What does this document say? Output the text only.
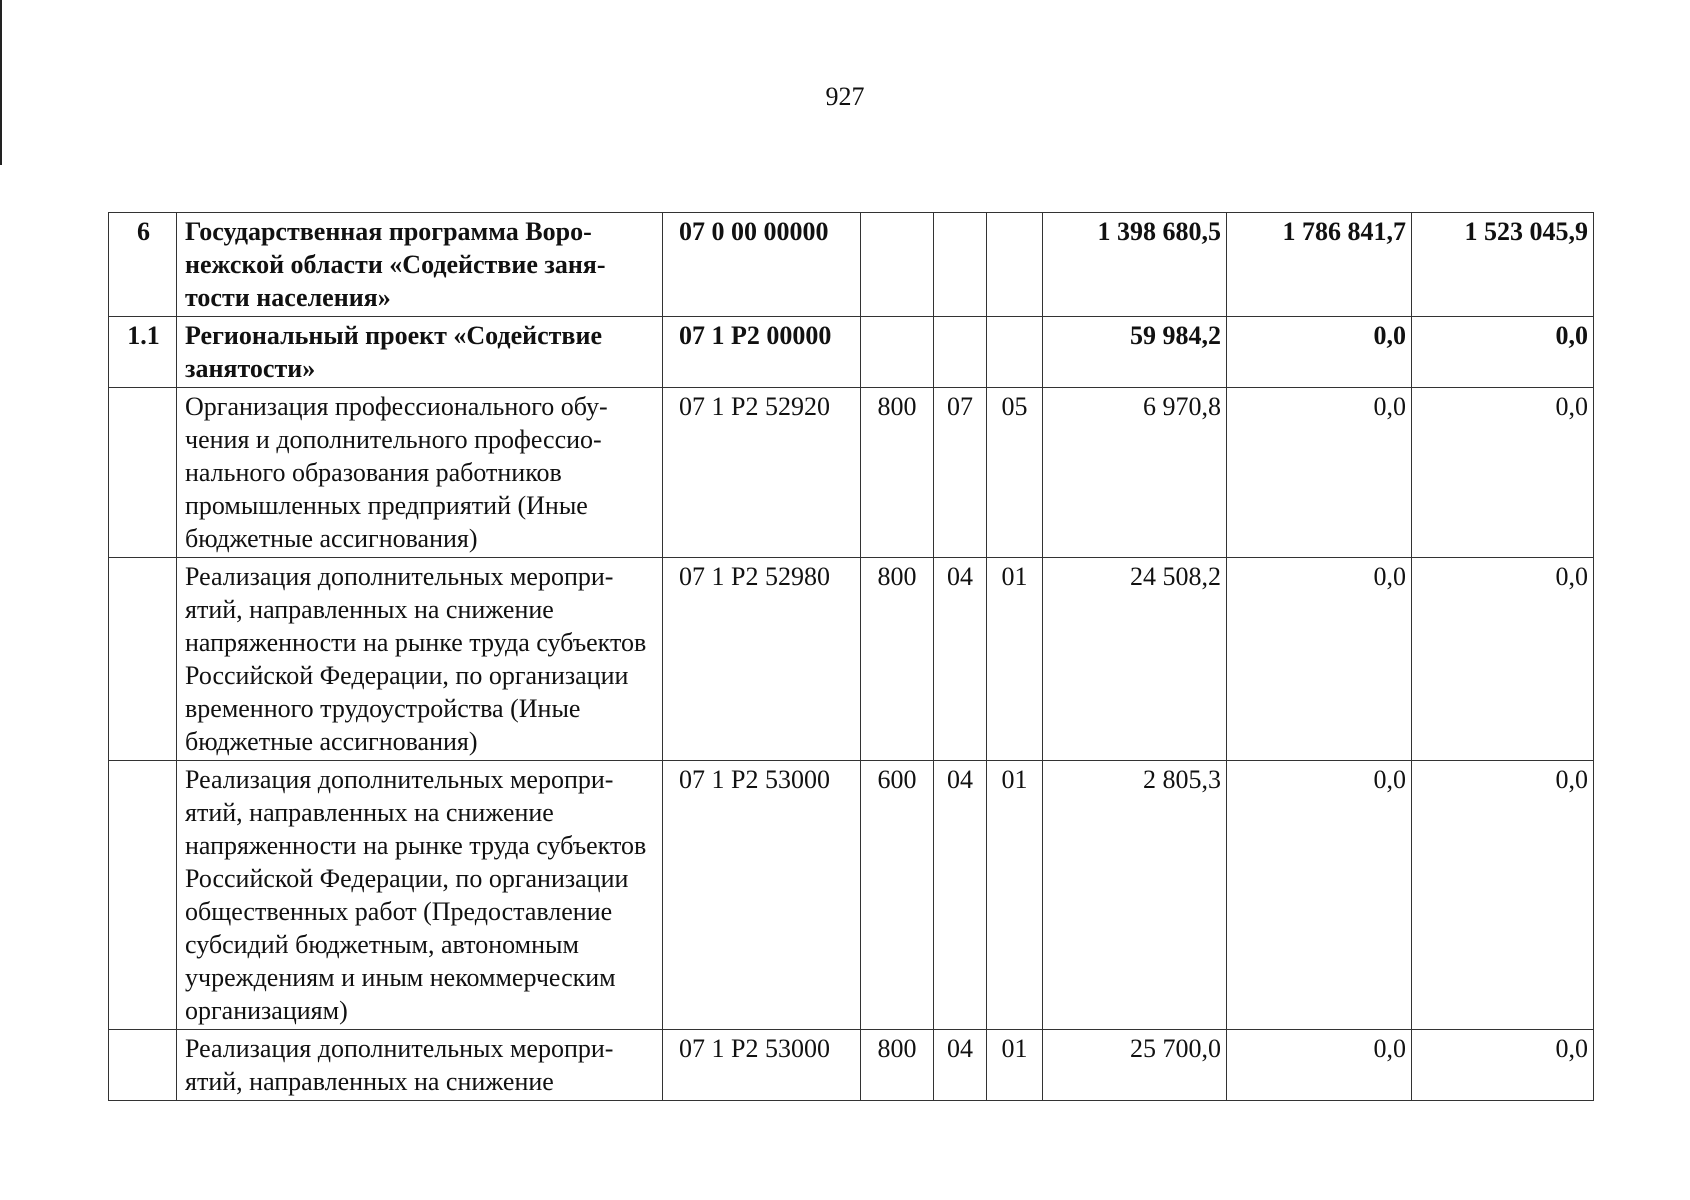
927
6	Государственная программа Воронежской области «Содействие занятости населения»	07 0 00 00000				1 398 680,5	1 786 841,7	1 523 045,9
1.1	Региональный проект «Содействие занятости»	07 1 Р2 00000				59 984,2	0,0	0,0
	Организация профессионального обучения и дополнительного профессионального образования работников промышленных предприятий (Иные бюджетные ассигнования)	07 1 Р2 52920	800	07	05	6 970,8	0,0	0,0
	Реализация дополнительных мероприятий, направленных на снижение напряженности на рынке труда субъектов Российской Федерации, по организации временного трудоустройства (Иные бюджетные ассигнования)	07 1 Р2 52980	800	04	01	24 508,2	0,0	0,0
	Реализация дополнительных мероприятий, направленных на снижение напряженности на рынке труда субъектов Российской Федерации, по организации общественных работ (Предоставление субсидий бюджетным, автономным учреждениям и иным некоммерческим организациям)	07 1 Р2 53000	600	04	01	2 805,3	0,0	0,0
	Реализация дополнительных мероприятий, направленных на снижение	07 1 Р2 53000	800	04	01	25 700,0	0,0	0,0
